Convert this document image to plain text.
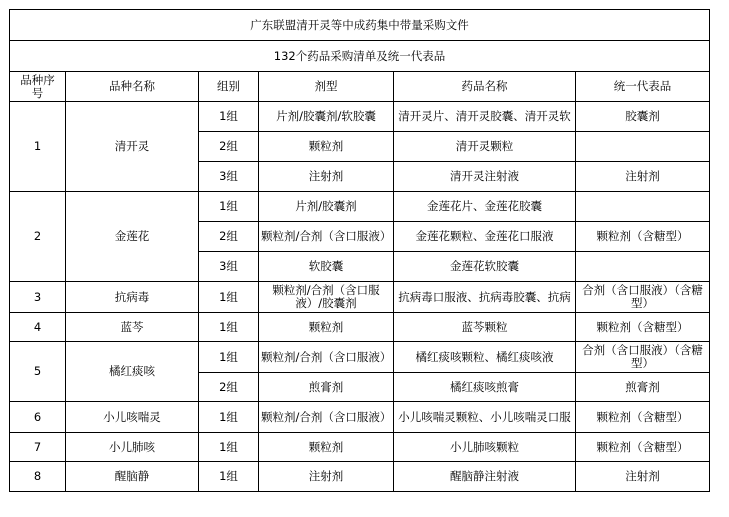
广东联盟清开灵等中成药集中带量采购文件					
132个药品采购清单及统一代表品					
品种序号	品种名称	组别	剂型	药品名称	统一代表品
1	清开灵	1组	片剂/胶囊剂/软胶囊	清开灵片、清开灵胶囊、清开灵软	胶囊剂
		2组	颗粒剂	清开灵颗粒	
		3组	注射剂	清开灵注射液	注射剂
2	金莲花	1组	片剂/胶囊剂	金莲花片、金莲花胶囊	
		2组	颗粒剂/合剂（含口服液）	金莲花颗粒、金莲花口服液	颗粒剂（含糖型）
		3组	软胶囊	金莲花软胶囊	
3	抗病毒	1组	颗粒剂/合剂（含口服液）/胶囊剂	抗病毒口服液、抗病毒胶囊、抗病	合剂（含口服液）（含糖型）
4	蓝芩	1组	颗粒剂	蓝芩颗粒	颗粒剂（含糖型）
5	橘红痰咳	1组	颗粒剂/合剂（含口服液）	橘红痰咳颗粒、橘红痰咳液	合剂（含口服液）（含糖型）
		2组	煎膏剂	橘红痰咳煎膏	煎膏剂
6	小儿咳喘灵	1组	颗粒剂/合剂（含口服液）	小儿咳喘灵颗粒、小儿咳喘灵口服	颗粒剂（含糖型）
7	小儿肺咳	1组	颗粒剂	小儿肺咳颗粒	颗粒剂（含糖型）
8	醒脑静	1组	注射剂	醒脑静注射液	注射剂
